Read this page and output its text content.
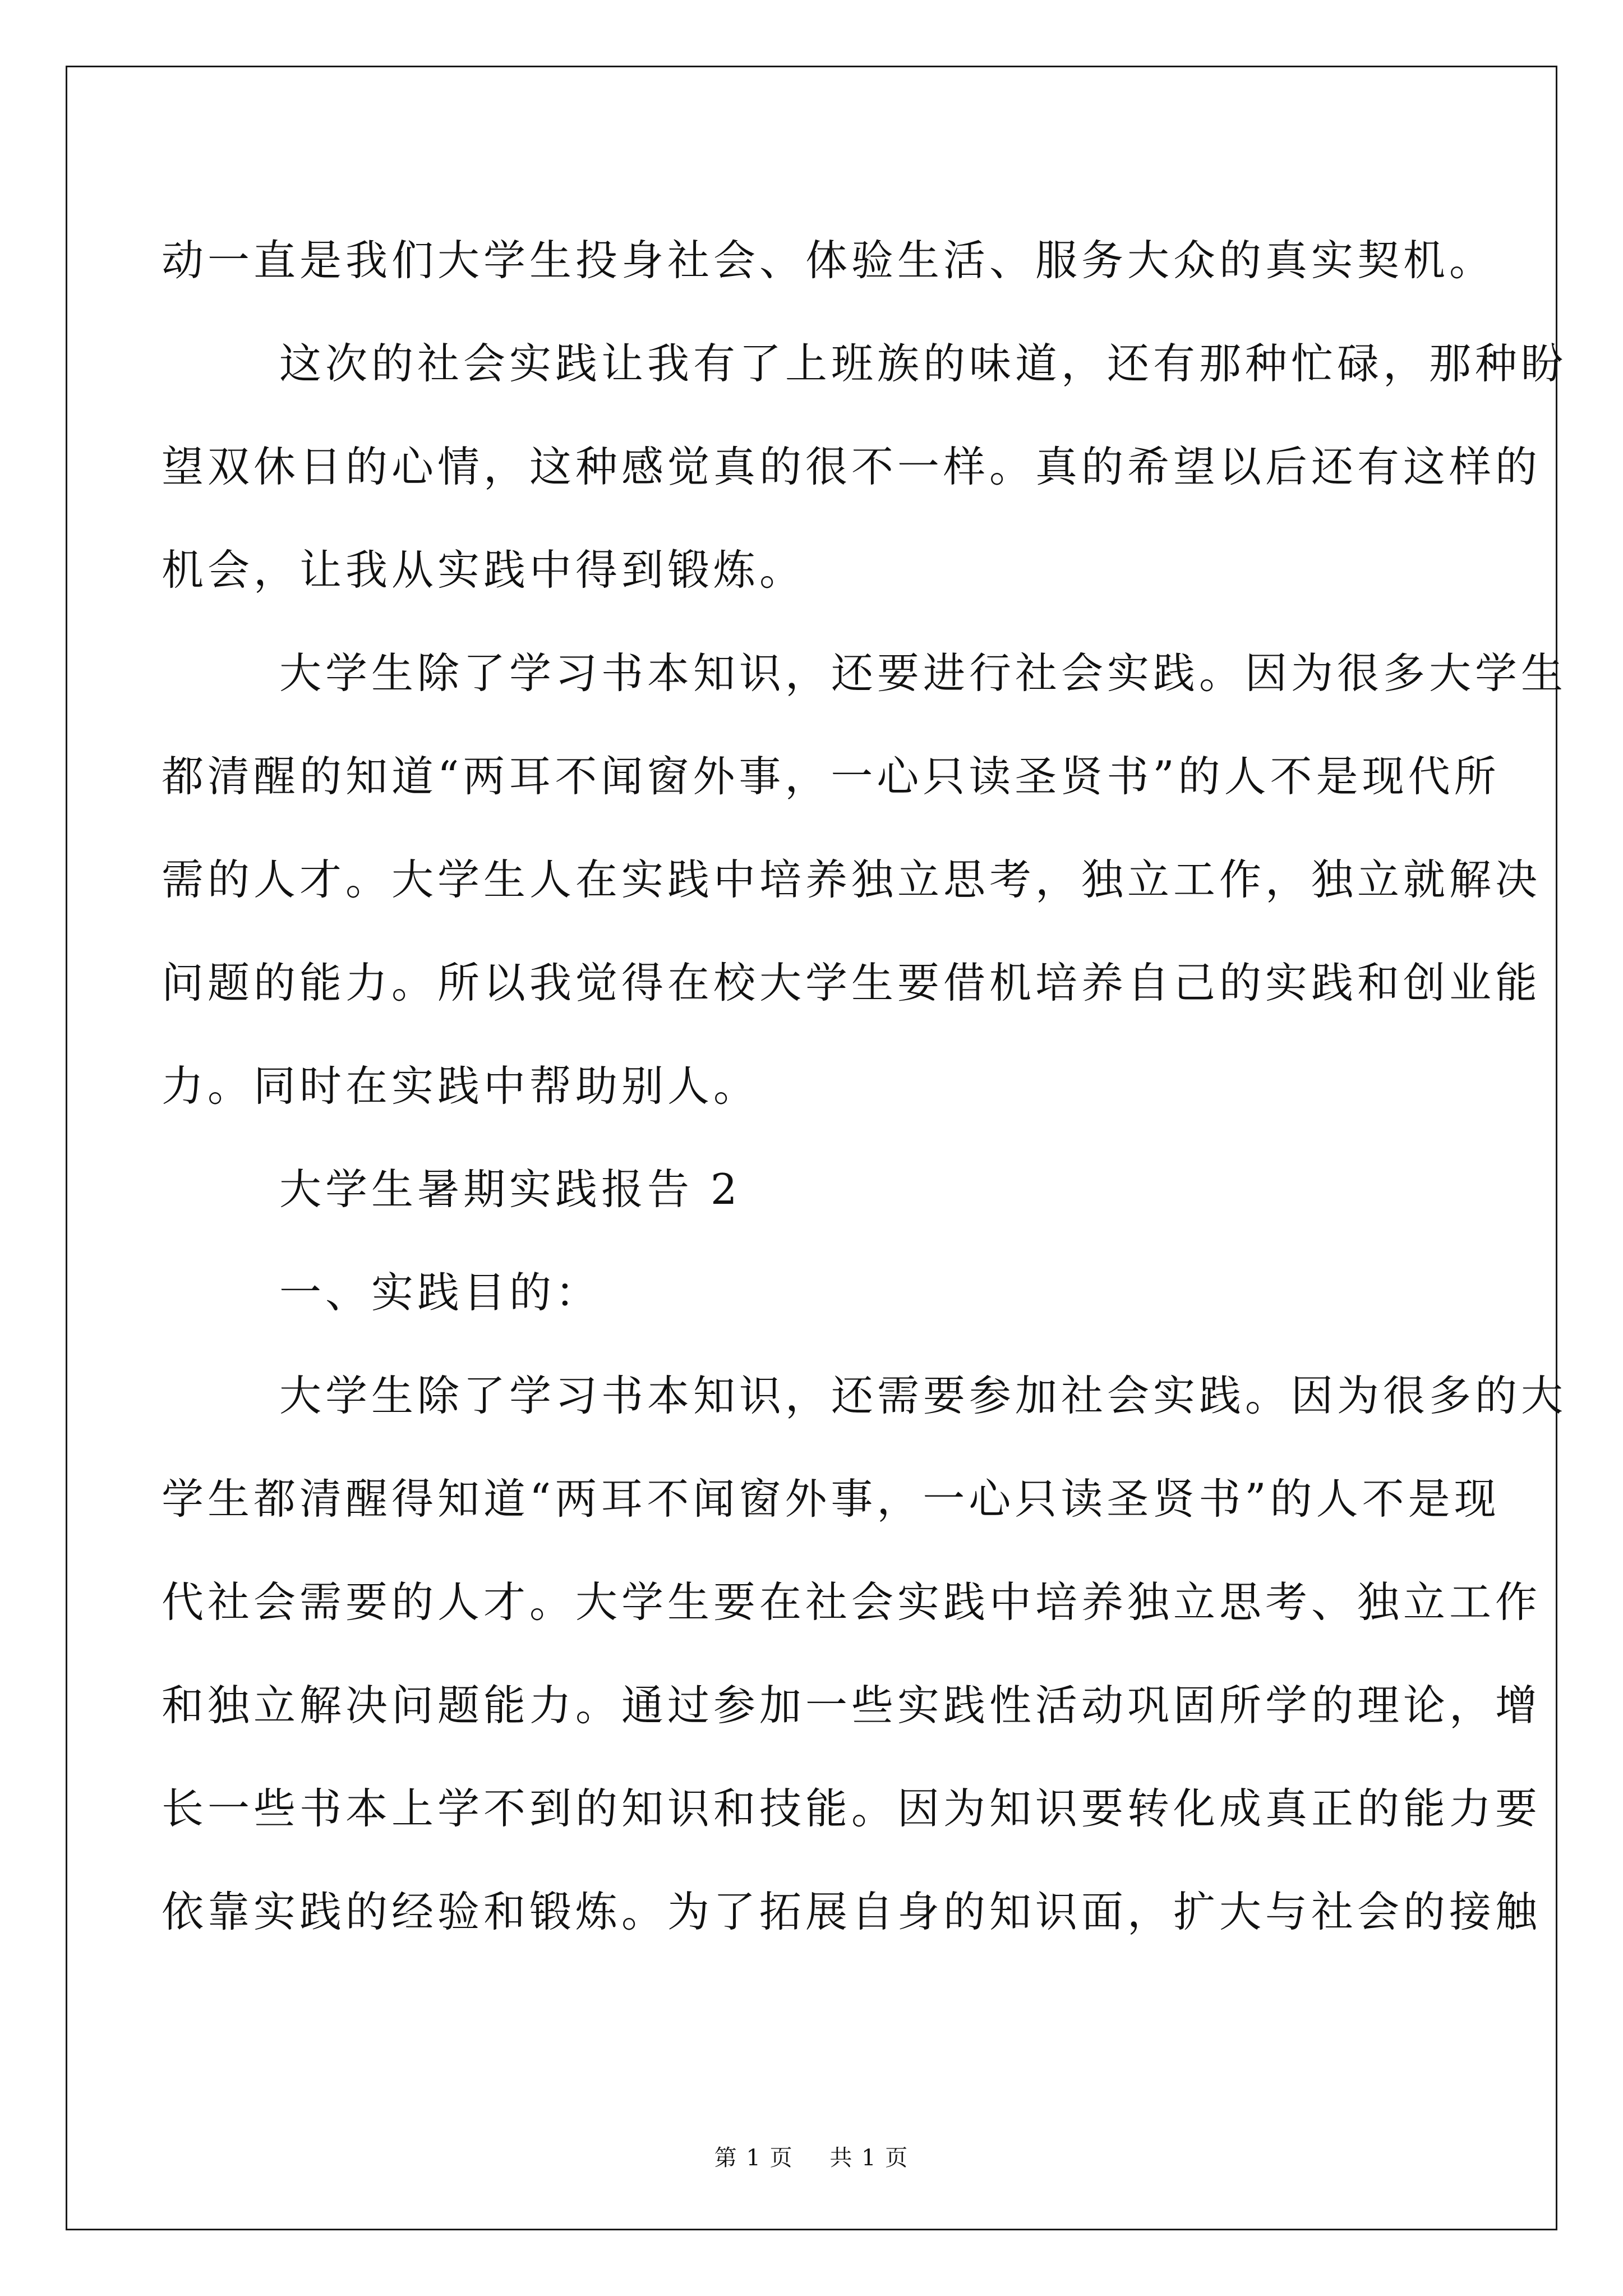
动一直是我们大学生投身社会、体验生活、服务大众的真实契机。

这次的社会实践让我有了上班族的味道，还有那种忙碌，那种盼

望双休日的心情，这种感觉真的很不一样。真的希望以后还有这样的

机会，让我从实践中得到锻炼。

大学生除了学习书本知识，还要进行社会实践。因为很多大学生

都清醒的知道“两耳不闻窗外事，一心只读圣贤书”的人不是现代所

需的人才。大学生人在实践中培养独立思考，独立工作，独立就解决

问题的能力。所以我觉得在校大学生要借机培养自己的实践和创业能

力。同时在实践中帮助别人。

大学生暑期实践报告 2

一、实践目的：

大学生除了学习书本知识，还需要参加社会实践。因为很多的大

学生都清醒得知道“两耳不闻窗外事，一心只读圣贤书”的人不是现

代社会需要的人才。大学生要在社会实践中培养独立思考、独立工作

和独立解决问题能力。通过参加一些实践性活动巩固所学的理论，增

长一些书本上学不到的知识和技能。因为知识要转化成真正的能力要

依靠实践的经验和锻炼。为了拓展自身的知识面，扩大与社会的接触

第 1 页 共 1 页
